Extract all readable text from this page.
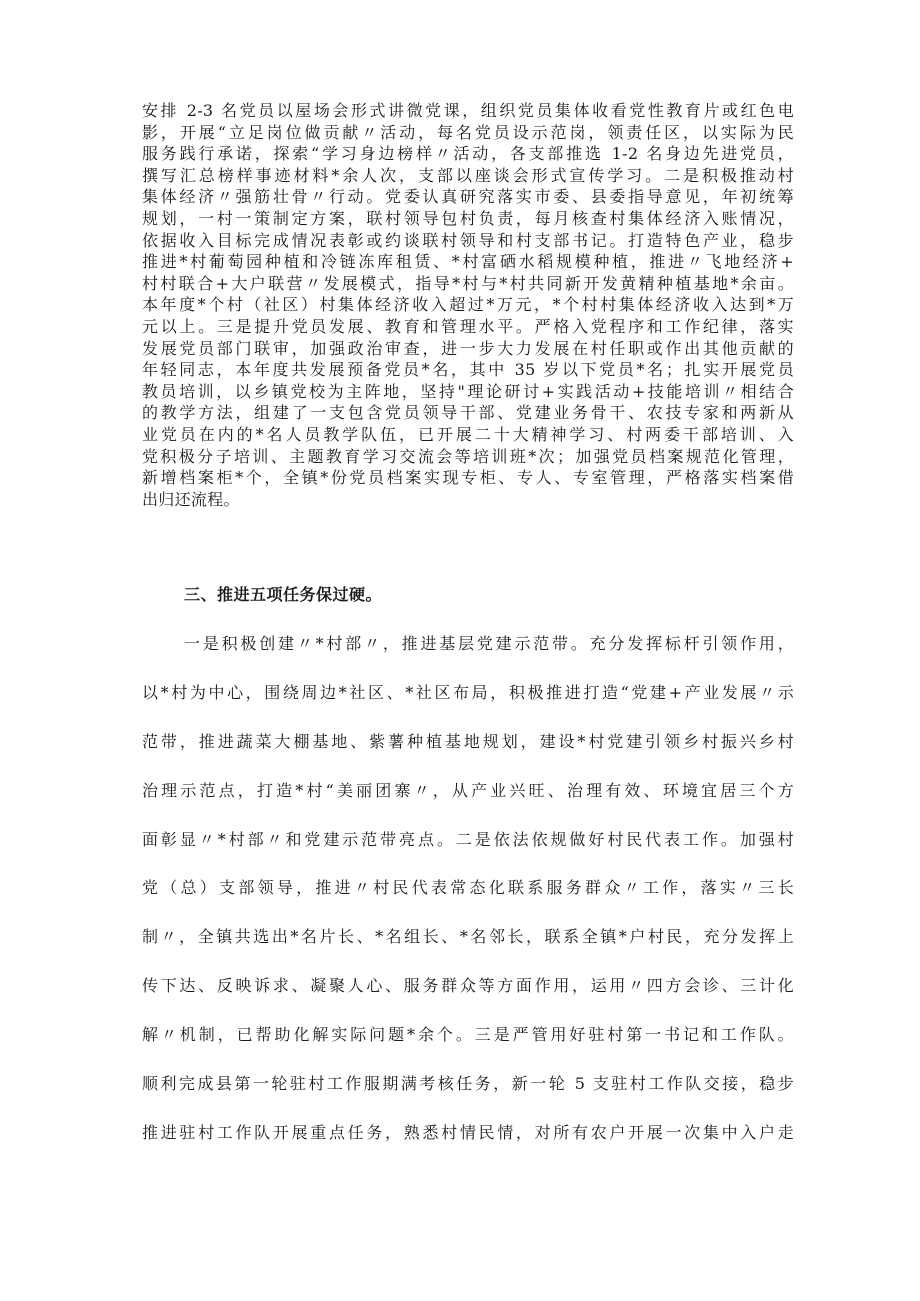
安排 2-3 名党员以屋场会形式讲微党课，组织党员集体收看党性教育片或红色电
影，开展“立足岗位做贡献〃活动，每名党员设示范岗，领责任区，以实际为民
服务践行承诺，探索“学习身边榜样〃活动，各支部推选 1-2 名身边先进党员，
撰写汇总榜样事迹材料*余人次，支部以座谈会形式宣传学习。二是积极推动村
集体经济〃强筋壮骨〃行动。党委认真研究落实市委、县委指导意见，年初统筹
规划，一村一策制定方案，联村领导包村负责，每月核查村集体经济入账情况，
依据收入目标完成情况表彰或约谈联村领导和村支部书记。打造特色产业，稳步
推进*村葡萄园种植和冷链冻库租赁、*村富硒水稻规模种植，推进〃飞地经济+
村村联合+大户联营〃发展模式，指导*村与*村共同新开发黄精种植基地*余亩。
本年度*个村（社区）村集体经济收入超过*万元，*个村村集体经济收入达到*万
元以上。三是提升党员发展、教育和管理水平。严格入党程序和工作纪律，落实
发展党员部门联审，加强政治审查，进一步大力发展在村任职或作出其他贡献的
年轻同志，本年度共发展预备党员*名，其中 35 岁以下党员*名；扎实开展党员
教员培训，以乡镇党校为主阵地，坚持"理论研讨+实践活动+技能培训〃相结合
的教学方法，组建了一支包含党员领导干部、党建业务骨干、农技专家和两新从
业党员在内的*名人员教学队伍，已开展二十大精神学习、村两委干部培训、入
党积极分子培训、主题教育学习交流会等培训班*次；加强党员档案规范化管理，
新增档案柜*个，全镇*份党员档案实现专柜、专人、专室管理，严格落实档案借
出归还流程。
三、推进五项任务保过硬。
一是积极创建〃*村部〃，推进基层党建示范带。充分发挥标杆引领作用，
以*村为中心，围绕周边*社区、*社区布局，积极推进打造“党建+产业发展〃示
范带，推进蔬菜大棚基地、紫薯种植基地规划，建设*村党建引领乡村振兴乡村
治理示范点，打造*村“美丽团寨〃，从产业兴旺、治理有效、环境宜居三个方
面彰显〃*村部〃和党建示范带亮点。二是依法依规做好村民代表工作。加强村
党（总）支部领导，推进〃村民代表常态化联系服务群众〃工作，落实〃三长
制〃，全镇共选出*名片长、*名组长、*名邻长，联系全镇*户村民，充分发挥上
传下达、反映诉求、凝聚人心、服务群众等方面作用，运用〃四方会诊、三计化
解〃机制，已帮助化解实际问题*余个。三是严管用好驻村第一书记和工作队。
顺利完成县第一轮驻村工作服期满考核任务，新一轮 5 支驻村工作队交接，稳步
推进驻村工作队开展重点任务，熟悉村情民情，对所有农户开展一次集中入户走
